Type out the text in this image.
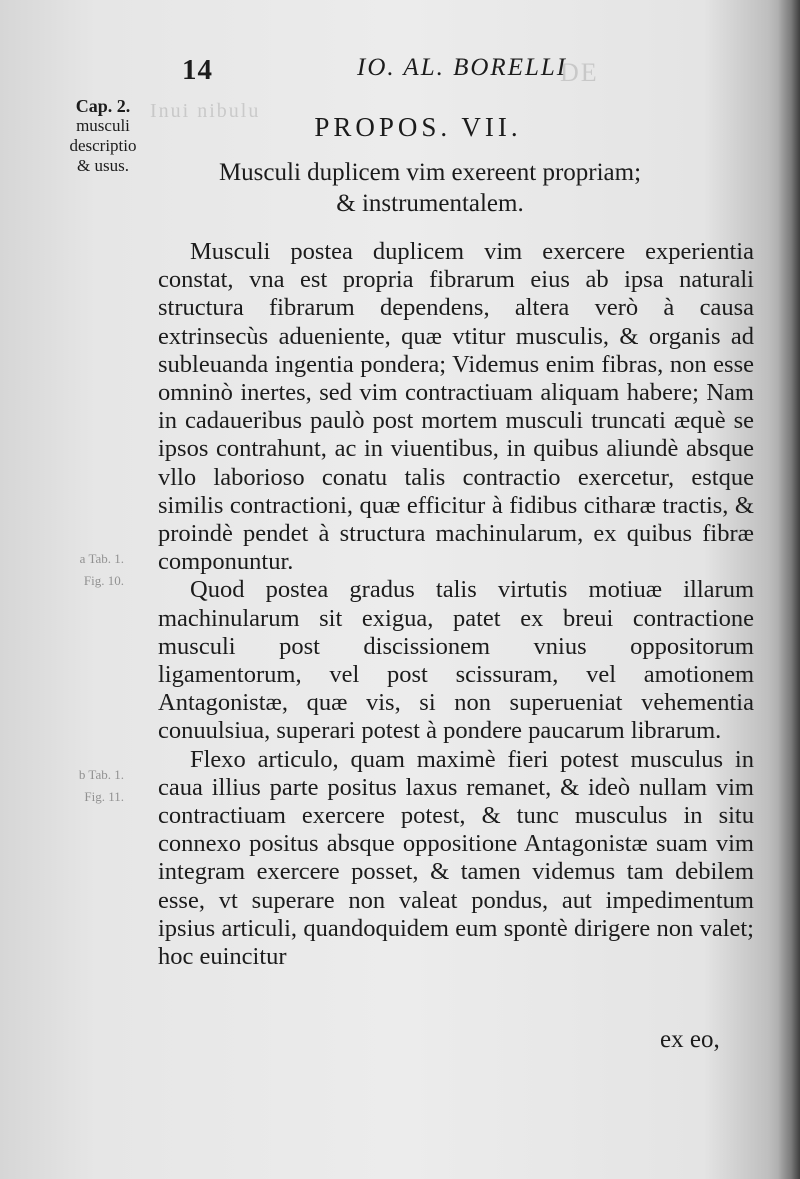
DE
Inui nibulu
14	IO. AL. BORELLI
Cap. 2.
musculi
descriptio
& usus.
a Tab. 1.
Fig. 10.
b Tab. 1.
Fig. 11.
PROPOS. VII.
Musculi duplicem vim exereent propriam;
& instrumentalem.

Musculi postea duplicem vim exercere experientia constat, vna est propria fibrarum eius ab ipsa naturali structura fibrarum dependens, altera verò à causa extrinsecùs adueniente, quæ vtitur musculis, & organis ad subleuanda ingentia pondera; Videmus enim fibras, non esse omninò inertes, sed vim contractiuam aliquam habere; Nam in cadaueribus paulò post mortem musculi truncati æquè se ipsos contrahunt, ac in viuentibus, in quibus aliundè absque vllo laborioso conatu talis contractio exercetur, estque similis contractioni, quæ efficitur à fidibus citharæ tractis, & proindè pendet à structura machinularum, ex quibus fibræ componuntur.

Quod postea gradus talis virtutis motiuæ illarum machinularum sit exigua, patet ex breui contractione musculi post discissionem vnius oppositorum ligamentorum, vel post scissuram, vel amotionem Antagonistæ, quæ vis, si non superueniat vehementia conuulsiua, superari potest à pondere paucarum librarum.

Flexo articulo, quam maximè fieri potest musculus in caua illius parte positus laxus remanet, & ideò nullam vim contractiuam exercere potest, & tunc musculus in situ connexo positus absque oppositione Antagonistæ suam vim integram exercere posset, & tamen videmus tam debilem esse, vt superare non valeat pondus, aut impedimentum ipsius articuli, quandoquidem eum spontè dirigere non valet; hoc euincitur

ex eo,
